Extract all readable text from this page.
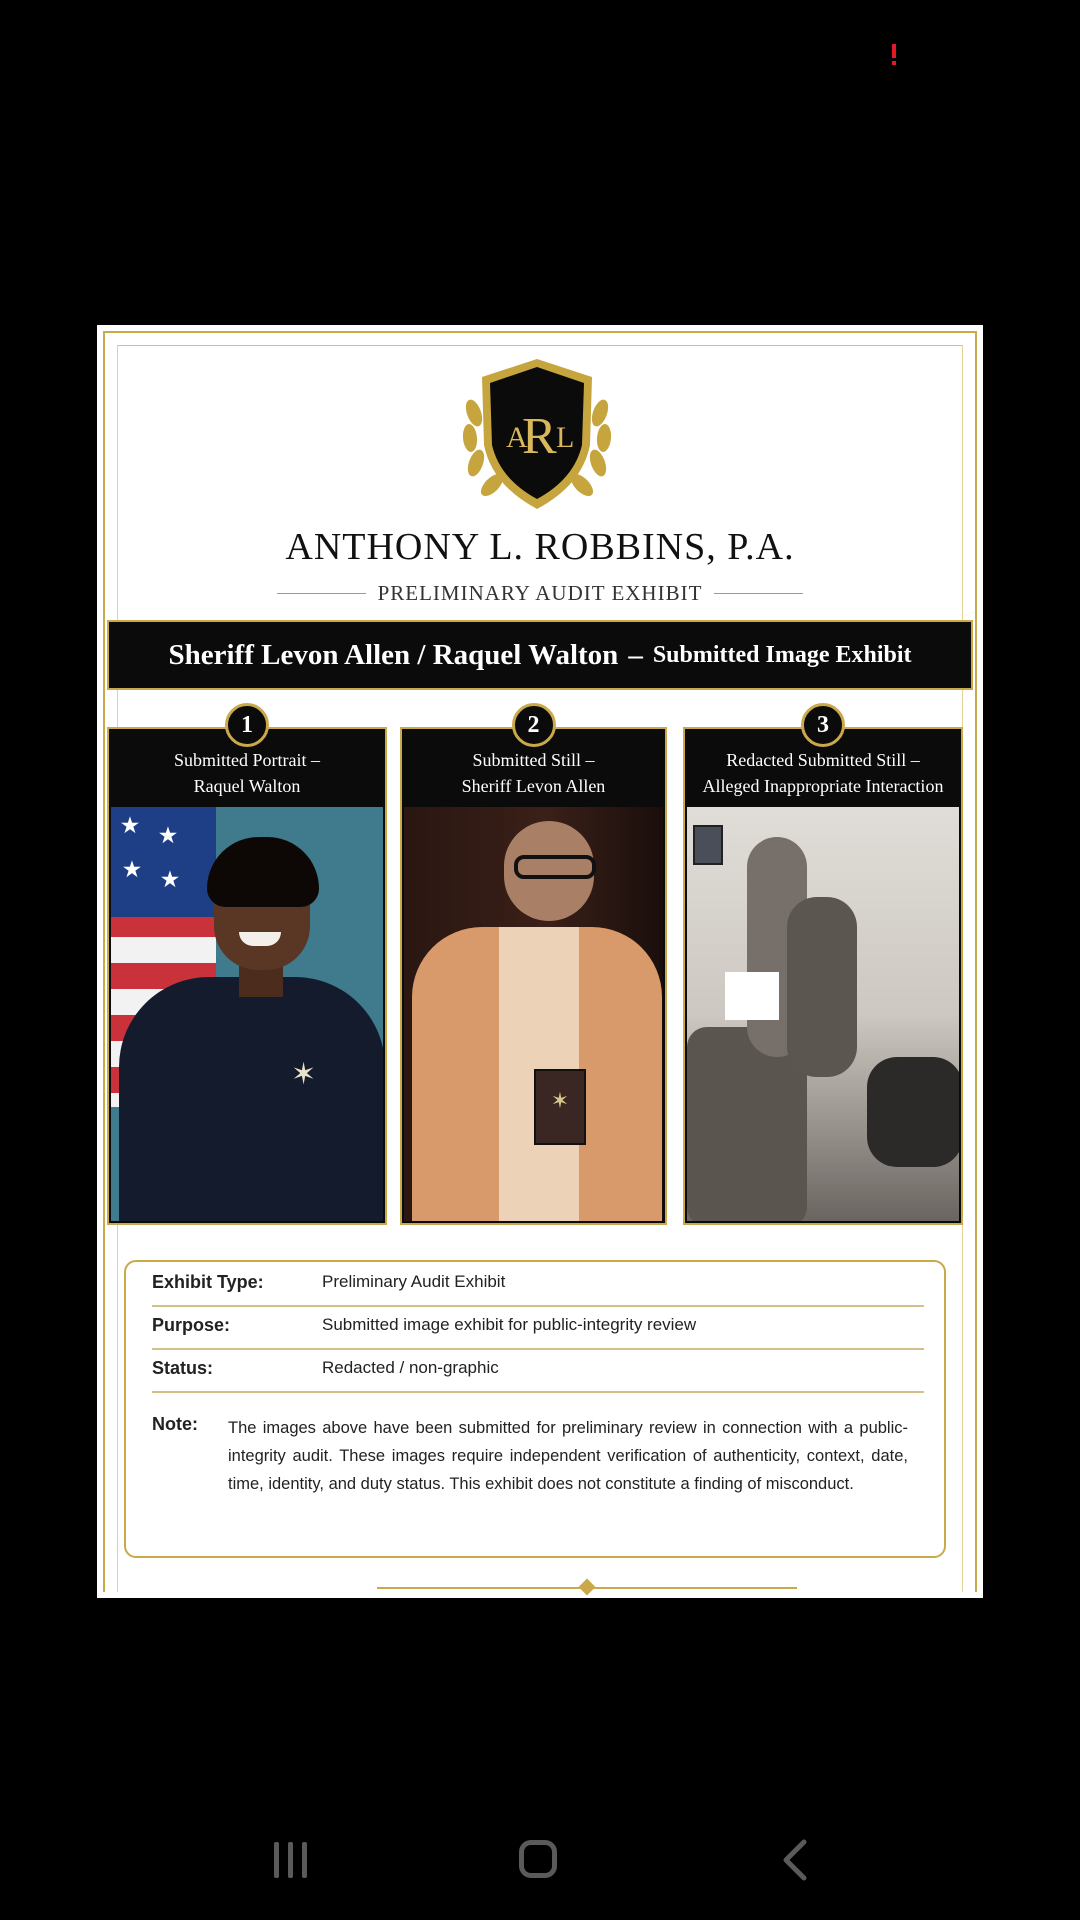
A
R L
ANTHONY L. ROBBINS, P.A.
PRELIMINARY AUDIT EXHIBIT
Sheriff Levon Allen / Raquel Walton – Submitted Image Exhibit
1
Submitted Portrait –
Raquel Walton
★ ★
★ ★
✶
2
Submitted Still –
Sheriff Levon Allen
✶
3
Redacted Submitted Still –
Alleged Inappropriate Interaction
Exhibit Type:	Preliminary Audit Exhibit
Purpose:	Submitted image exhibit for public-integrity review
Status:	Redacted / non-graphic
Note: The images above have been submitted for preliminary review in connection with a public-integrity audit. These images require independent verification of authenticity, context, date, time, identity, and duty status. This exhibit does not constitute a finding of misconduct.
